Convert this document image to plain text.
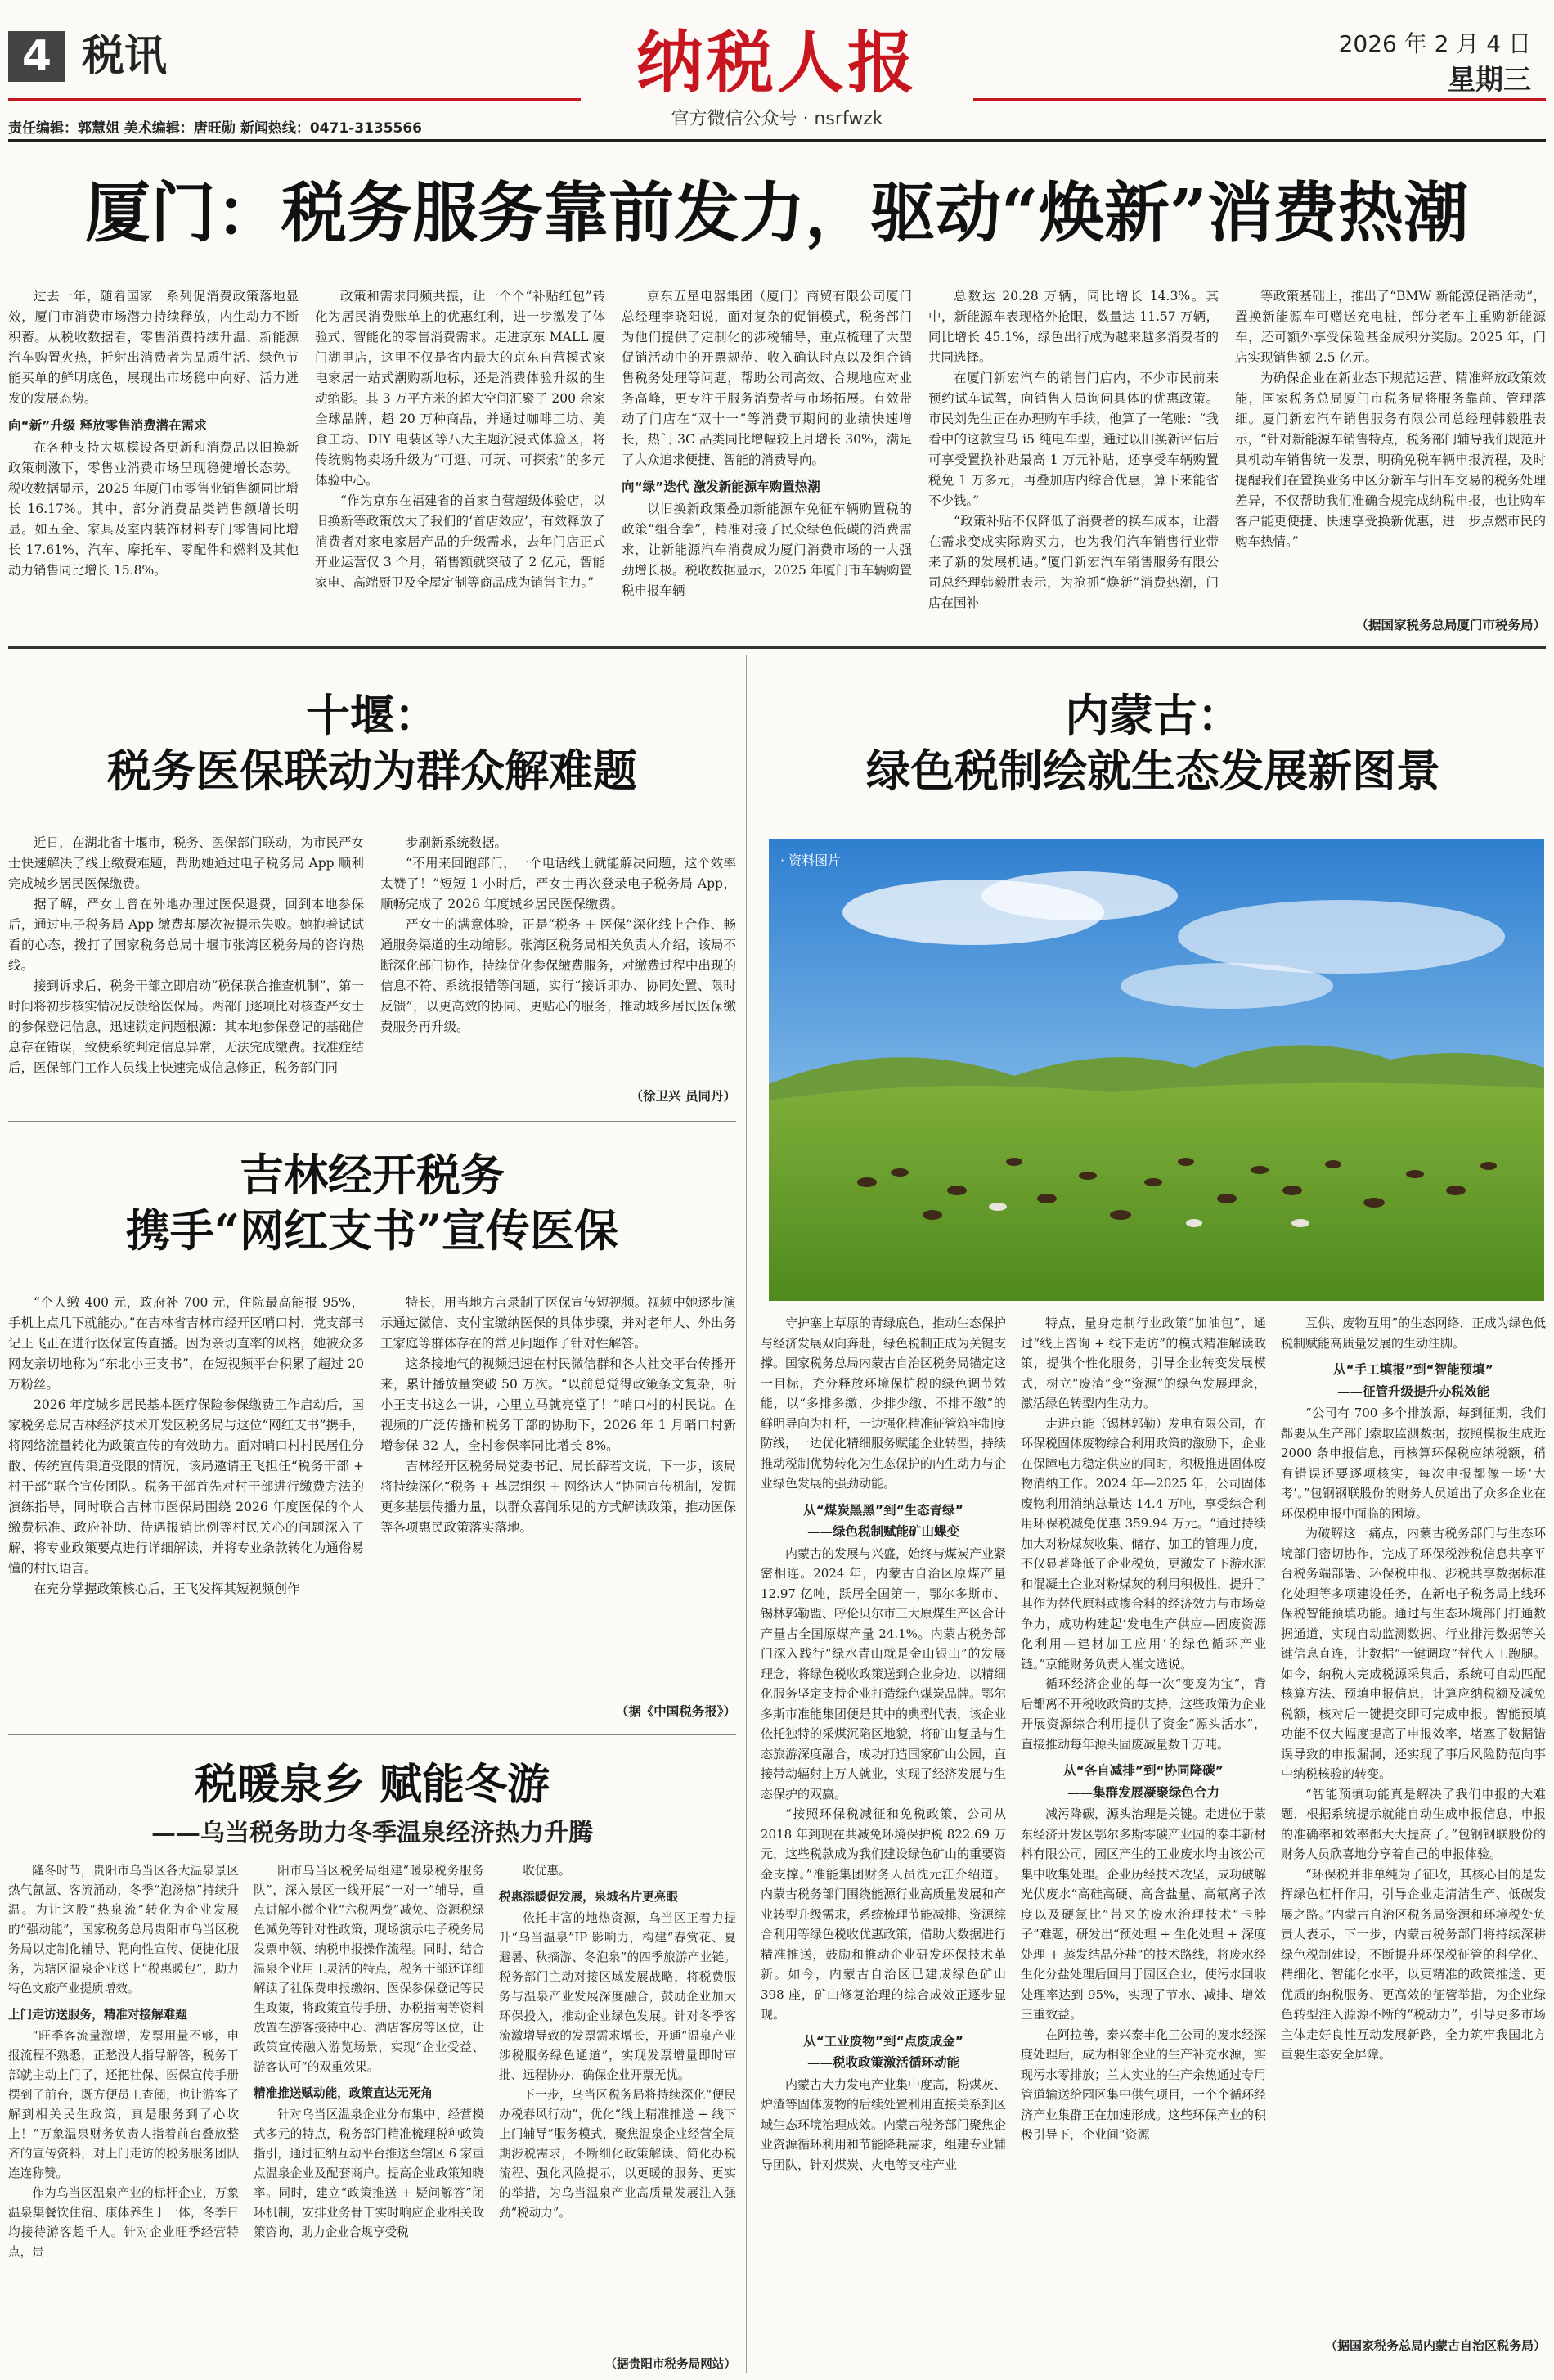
4 税讯	纳税人报
官方微信公众号 · nsrfwzk
2026 年 2 月 4 日
星期三
责任编辑：郭慧姐 美术编辑：唐旺勋 新闻热线：0471-3135566
厦门：税务服务靠前发力，驱动“焕新”消费热潮

过去一年，随着国家一系列促消费政策落地显效，厦门市消费市场潜力持续释放，内生动力不断积蓄。从税收数据看，零售消费持续升温、新能源汽车购置火热，折射出消费者为品质生活、绿色节能买单的鲜明底色，展现出市场稳中向好、活力迸发的发展态势。

向“新”升级 释放零售消费潜在需求

在各种支持大规模设备更新和消费品以旧换新政策刺激下，零售业消费市场呈现稳健增长态势。税收数据显示，2025 年厦门市零售业销售额同比增长 16.17%。其中，部分消费品类销售额增长明显。如五金、家具及室内装饰材料专门零售同比增长 17.61%，汽车、摩托车、零配件和燃料及其他动力销售同比增长 15.8%。

政策和需求同频共振，让一个个“补贴红包”转化为居民消费账单上的优惠红利，进一步激发了体验式、智能化的零售消费需求。走进京东 MALL 厦门湖里店，这里不仅是省内最大的京东自营模式家电家居一站式潮购新地标，还是消费体验升级的生动缩影。其 3 万平方米的超大空间汇聚了 200 余家全球品牌，超 20 万种商品，并通过咖啡工坊、美食工坊、DIY 电装区等八大主题沉浸式体验区，将传统购物卖场升级为“可逛、可玩、可探索”的多元体验中心。

“作为京东在福建省的首家自营超级体验店，以旧换新等政策放大了我们的‘首店效应’，有效释放了消费者对家电家居产品的升级需求，去年门店正式开业运营仅 3 个月，销售额就突破了 2 亿元，智能家电、高端厨卫及全屋定制等商品成为销售主力。”

京东五星电器集团（厦门）商贸有限公司厦门总经理李晓阳说，面对复杂的促销模式，税务部门为他们提供了定制化的涉税辅导，重点梳理了大型促销活动中的开票规范、收入确认时点以及组合销售税务处理等问题，帮助公司高效、合规地应对业务高峰，更专注于服务消费者与市场拓展。有效带动了门店在“双十一”等消费节期间的业绩快速增长，热门 3C 品类同比增幅较上月增长 30%，满足了大众追求便捷、智能的消费导向。

向“绿”迭代 激发新能源车购置热潮

以旧换新政策叠加新能源车免征车辆购置税的政策“组合拳”，精准对接了民众绿色低碳的消费需求，让新能源汽车消费成为厦门消费市场的一大强劲增长极。税收数据显示，2025 年厦门市车辆购置税申报车辆

总数达 20.28 万辆，同比增长 14.3%。其中，新能源车表现格外抢眼，数量达 11.57 万辆，同比增长 45.1%，绿色出行成为越来越多消费者的共同选择。

在厦门新宏汽车的销售门店内，不少市民前来预约试车试驾，向销售人员询问具体的优惠政策。市民刘先生正在办理购车手续，他算了一笔账：“我看中的这款宝马 i5 纯电车型，通过以旧换新评估后可享受置换补贴最高 1 万元补贴，还享受车辆购置税免 1 万多元，再叠加店内综合优惠，算下来能省不少钱。”

“政策补贴不仅降低了消费者的换车成本，让潜在需求变成实际购买力，也为我们汽车销售行业带来了新的发展机遇。”厦门新宏汽车销售服务有限公司总经理韩毅胜表示，为抢抓“焕新”消费热潮，门店在国补

等政策基础上，推出了“BMW 新能源促销活动”，置换新能源车可赠送充电桩，部分老车主重购新能源车，还可额外享受保险基金成积分奖励。2025 年，门店实现销售额 2.5 亿元。

为确保企业在新业态下规范运营、精准释放政策效能，国家税务总局厦门市税务局将服务靠前、管理落细。厦门新宏汽车销售服务有限公司总经理韩毅胜表示，“针对新能源车销售特点，税务部门辅导我们规范开具机动车销售统一发票，明确免税车辆申报流程，及时提醒我们在置换业务中区分新车与旧车交易的税务处理差异，不仅帮助我们准确合规完成纳税申报，也让购车客户能更便捷、快速享受换新优惠，进一步点燃市民的购车热情。”

（据国家税务总局厦门市税务局）
十堰：
税务医保联动为群众解难题

近日，在湖北省十堰市，税务、医保部门联动，为市民严女士快速解决了线上缴费难题，帮助她通过电子税务局 App 顺利完成城乡居民医保缴费。

据了解，严女士曾在外地办理过医保退费，回到本地参保后，通过电子税务局 App 缴费却屡次被提示失败。她抱着试试看的心态，拨打了国家税务总局十堰市张湾区税务局的咨询热线。

接到诉求后，税务干部立即启动“税保联合推查机制”，第一时间将初步核实情况反馈给医保局。两部门逐项比对核查严女士的参保登记信息，迅速锁定问题根源：其本地参保登记的基础信息存在错误，致使系统判定信息异常，无法完成缴费。找准症结后，医保部门工作人员线上快速完成信息修正，税务部门同

步刷新系统数据。

“不用来回跑部门，一个电话线上就能解决问题，这个效率太赞了！”短短 1 小时后，严女士再次登录电子税务局 App，顺畅完成了 2026 年度城乡居民医保缴费。

严女士的满意体验，正是“税务 + 医保”深化线上合作、畅通服务渠道的生动缩影。张湾区税务局相关负责人介绍，该局不断深化部门协作，持续优化参保缴费服务，对缴费过程中出现的信息不符、系统报错等问题，实行“接诉即办、协同处置、限时反馈”，以更高效的协同、更贴心的服务，推动城乡居民医保缴费服务再升级。

（徐卫兴 员同丹）
吉林经开税务
携手“网红支书”宣传医保

“个人缴 400 元，政府补 700 元，住院最高能报 95%，手机上点几下就能办。”在吉林省吉林市经开区哨口村，党支部书记王飞正在进行医保宣传直播。因为亲切直率的风格，她被众多网友亲切地称为“东北小王支书”，在短视频平台积累了超过 20 万粉丝。

2026 年度城乡居民基本医疗保险参保缴费工作启动后，国家税务总局吉林经济技术开发区税务局与这位“网红支书”携手，将网络流量转化为政策宣传的有效助力。面对哨口村村民居住分散、传统宣传渠道受限的情况，该局邀请王飞担任“税务干部 + 村干部”联合宣传团队。税务干部首先对村干部进行缴费方法的演练指导，同时联合吉林市医保局围绕 2026 年度医保的个人缴费标准、政府补助、待遇报销比例等村民关心的问题深入了解，将专业政策要点进行详细解读，并将专业条款转化为通俗易懂的村民语言。

在充分掌握政策核心后，王飞发挥其短视频创作

特长，用当地方言录制了医保宣传短视频。视频中她逐步演示通过微信、支付宝缴纳医保的具体步骤，并对老年人、外出务工家庭等群体存在的常见问题作了针对性解答。

这条接地气的视频迅速在村民微信群和各大社交平台传播开来，累计播放量突破 50 万次。“以前总觉得政策条文复杂，听小王支书这么一讲，心里立马就亮堂了！”哨口村的村民说。在视频的广泛传播和税务干部的协助下，2026 年 1 月哨口村新增参保 32 人，全村参保率同比增长 8%。

吉林经开区税务局党委书记、局长薛若文说，下一步，该局将持续深化“税务 + 基层组织 + 网络达人”协同宣传机制，发掘更多基层传播力量，以群众喜闻乐见的方式解读政策，推动医保等各项惠民政策落实落地。

（据《中国税务报》）
税暖泉乡 赋能冬游
——乌当税务助力冬季温泉经济热力升腾

隆冬时节，贵阳市乌当区各大温泉景区热气氤氲、客流涌动，冬季“泡汤热”持续升温。为让这股“热泉流”转化为企业发展的“强动能”，国家税务总局贵阳市乌当区税务局以定制化辅导、靶向性宣传、便捷化服务，为辖区温泉企业送上“税惠暖包”，助力特色文旅产业提质增效。

上门走访送服务，精准对接解难题

“旺季客流量激增，发票用量不够，申报流程不熟悉，正愁没人指导解答，税务干部就主动上门了，还把社保、医保宣传手册摆到了前台，既方便员工查阅，也让游客了解到相关民生政策，真是服务到了心坎上！”万象温泉财务负责人指着前台叠放整齐的宣传资料，对上门走访的税务服务团队连连称赞。

作为乌当区温泉产业的标杆企业，万象温泉集餐饮住宿、康体养生于一体，冬季日均接待游客超千人。针对企业旺季经营特点，贵

阳市乌当区税务局组建“暖泉税务服务队”，深入景区一线开展“一对一”辅导，重点讲解小微企业“六税两费”减免、资源税绿色减免等针对性政策，现场演示电子税务局发票申领、纳税申报操作流程。同时，结合温泉企业用工灵活的特点，税务干部还详细解读了社保费申报缴纳、医保参保登记等民生政策，将政策宣传手册、办税指南等资料放置在游客接待中心、酒店客房等区位，让政策宣传融入游览场景，实现“企业受益、游客认可”的双重效果。

精准推送赋动能，政策直达无死角

针对乌当区温泉企业分布集中、经营模式多元的特点，税务部门精准梳理税种政策指引，通过征纳互动平台推送至辖区 6 家重点温泉企业及配套商户。提高企业政策知晓率。同时，建立“政策推送 + 疑问解答”闭环机制，安排业务骨干实时响应企业相关政策咨询，助力企业合规享受税

收优惠。

税惠添暖促发展，泉城名片更亮眼

依托丰富的地热资源，乌当区正着力提升“乌当温泉”IP 影响力，构建“春赏花、夏避暑、秋摘游、冬泡泉”的四季旅游产业链。税务部门主动对接区域发展战略，将税费服务与温泉产业发展深度融合，鼓励企业加大环保投入，推动企业绿色发展。针对冬季客流激增导致的发票需求增长，开通“温泉产业涉税服务绿色通道”，实现发票增量即时审批、远程协办，确保企业开票无忧。

下一步，乌当区税务局将持续深化“便民办税春风行动”，优化“线上精准推送 + 线下上门辅导”服务模式，聚焦温泉企业经营全周期涉税需求，不断细化政策解读、简化办税流程、强化风险提示，以更暖的服务、更实的举措，为乌当温泉产业高质量发展注入强劲“税动力”。

（据贵阳市税务局网站）
内蒙古：
绿色税制绘就生态发展新图景
· 资料图片

守护塞上草原的青绿底色，推动生态保护与经济发展双向奔赴，绿色税制正成为关键支撑。国家税务总局内蒙古自治区税务局锚定这一目标，充分释放环境保护税的绿色调节效能，以“多排多缴、少排少缴、不排不缴”的鲜明导向为杠杆，一边强化精准征管筑牢制度防线，一边优化精细服务赋能企业转型，持续推动税制优势转化为生态保护的内生动力与企业绿色发展的强劲动能。

从“煤炭黑黑”到“生态青绿”
——绿色税制赋能矿山蝶变

内蒙古的发展与兴盛，始终与煤炭产业紧密相连。2024 年，内蒙古自治区原煤产量 12.97 亿吨，跃居全国第一，鄂尔多斯市、锡林郭勒盟、呼伦贝尔市三大原煤生产区合计产量占全国原煤产量 24.1%。内蒙古税务部门深入践行“绿水青山就是金山银山”的发展理念，将绿色税收政策送到企业身边，以精细化服务坚定支持企业打造绿色煤炭品牌。鄂尔多斯市准能集团便是其中的典型代表，该企业依托独特的采煤沉陷区地貌，将矿山复垦与生态旅游深度融合，成功打造国家矿山公园，直接带动辐射上万人就业，实现了经济发展与生态保护的双赢。

“按照环保税减征和免税政策，公司从 2018 年到现在共减免环境保护税 822.69 万元，这些税款成为我们建设绿色矿山的重要资金支撑。”准能集团财务人员沈元江介绍道。内蒙古税务部门围绕能源行业高质量发展和产业转型升级需求，系统梳理节能减排、资源综合利用等绿色税收优惠政策，借助大数据进行精准推送，鼓励和推动企业研发环保技术革新。如今，内蒙古自治区已建成绿色矿山 398 座，矿山修复治理的综合成效正逐步显现。

从“工业废物”到“点废成金”
——税收政策激活循环动能

内蒙古大力发电产业集中度高，粉煤灰、炉渣等固体废物的后续处置利用直接关系到区域生态环境治理成效。内蒙古税务部门聚焦企业资源循环利用和节能降耗需求，组建专业辅导团队，针对煤炭、火电等支柱产业

特点，量身定制行业政策“加油包”，通过“线上咨询 + 线下走访”的模式精准解读政策，提供个性化服务，引导企业转变发展模式，树立“废渣”变“资源”的绿色发展理念，激活绿色转型内生动力。

走进京能（锡林郭勒）发电有限公司，在环保税固体废物综合利用政策的激励下，企业在保障电力稳定供应的同时，积极推进固体废物消纳工作。2024 年—2025 年，公司固体废物利用消纳总量达 14.4 万吨，享受综合利用环保税减免优惠 359.94 万元。“通过持续加大对粉煤灰收集、储存、加工的管理力度，不仅显著降低了企业税负，更激发了下游水泥和混凝土企业对粉煤灰的利用积极性，提升了其作为替代原料或掺合料的经济效力与市场竞争力，成功构建起‘发电生产供应—固废资源化利用—建材加工应用’的绿色循环产业链。”京能财务负责人崔文选说。

循环经济企业的每一次“变废为宝”，背后都离不开税收政策的支持，这些政策为企业开展资源综合利用提供了资金“源头活水”，直接推动每年源头固废减量数千万吨。

从“各自减排”到“协同降碳”
——集群发展凝聚绿色合力

减污降碳，源头治理是关键。走进位于蒙东经济开发区鄂尔多斯零碳产业园的泰丰新材料有限公司，园区产生的工业废水均由该公司集中收集处理。企业历经技术攻坚，成功破解光伏废水“高硅高硬、高含盐量、高氟离子浓度以及硬氮比”带来的废水治理技术“卡脖子”难题，研发出“预处理 + 生化处理 + 深度处理 + 蒸发结晶分盐”的技术路线，将废水经生化分盐处理后回用于园区企业，使污水回收处理率达到 95%，实现了节水、减排、增效三重效益。

在阿拉善，泰兴泰丰化工公司的废水经深度处理后，成为相邻企业的生产补充水源，实现污水零排放；兰太实业的生产余热通过专用管道输送给园区集中供气项目，一个个循环经济产业集群正在加速形成。这些环保产业的积极引导下，企业间“资源

互供、废物互用”的生态网络，正成为绿色低税制赋能高质量发展的生动注脚。

从“手工填报”到“智能预填”
——征管升级提升办税效能

“公司有 700 多个排放源，每到征期，我们都要从生产部门索取监测数据，按照模板生成近 2000 条申报信息，再核算环保税应纳税额，稍有错误还要逐项核实，每次申报都像一场‘大考’。”包钢钢联股份的财务人员道出了众多企业在环保税申报中面临的困境。

为破解这一痛点，内蒙古税务部门与生态环境部门密切协作，完成了环保税涉税信息共享平台税务端部署、环保税申报、涉税共享数据标准化处理等多项建设任务，在新电子税务局上线环保税智能预填功能。通过与生态环境部门打通数据通道，实现自动监测数据、行业排污数据等关键信息直连，让数据“一键调取”替代人工跑腿。如今，纳税人完成税源采集后，系统可自动匹配核算方法、预填申报信息，计算应纳税额及减免税额，核对后一键提交即可完成申报。智能预填功能不仅大幅度提高了申报效率，堵塞了数据错误导致的申报漏洞，还实现了事后风险防范向事中纳税核验的转变。

“智能预填功能真是解决了我们申报的大难题，根据系统提示就能自动生成申报信息，申报的准确率和效率都大大提高了。”包钢钢联股份的财务人员欣喜地分享着自己的申报体验。

“环保税并非单纯为了征收，其核心目的是发挥绿色杠杆作用，引导企业走清洁生产、低碳发展之路。”内蒙古自治区税务局资源和环境税处负责人表示，下一步，内蒙古税务部门将持续深耕绿色税制建设，不断提升环保税征管的科学化、精细化、智能化水平，以更精准的政策推送、更优质的纳税服务、更高效的征管举措，为企业绿色转型注入源源不断的“税动力”，引导更多市场主体走好良性互动发展新路，全力筑牢我国北方重要生态安全屏障。

（据国家税务总局内蒙古自治区税务局）
